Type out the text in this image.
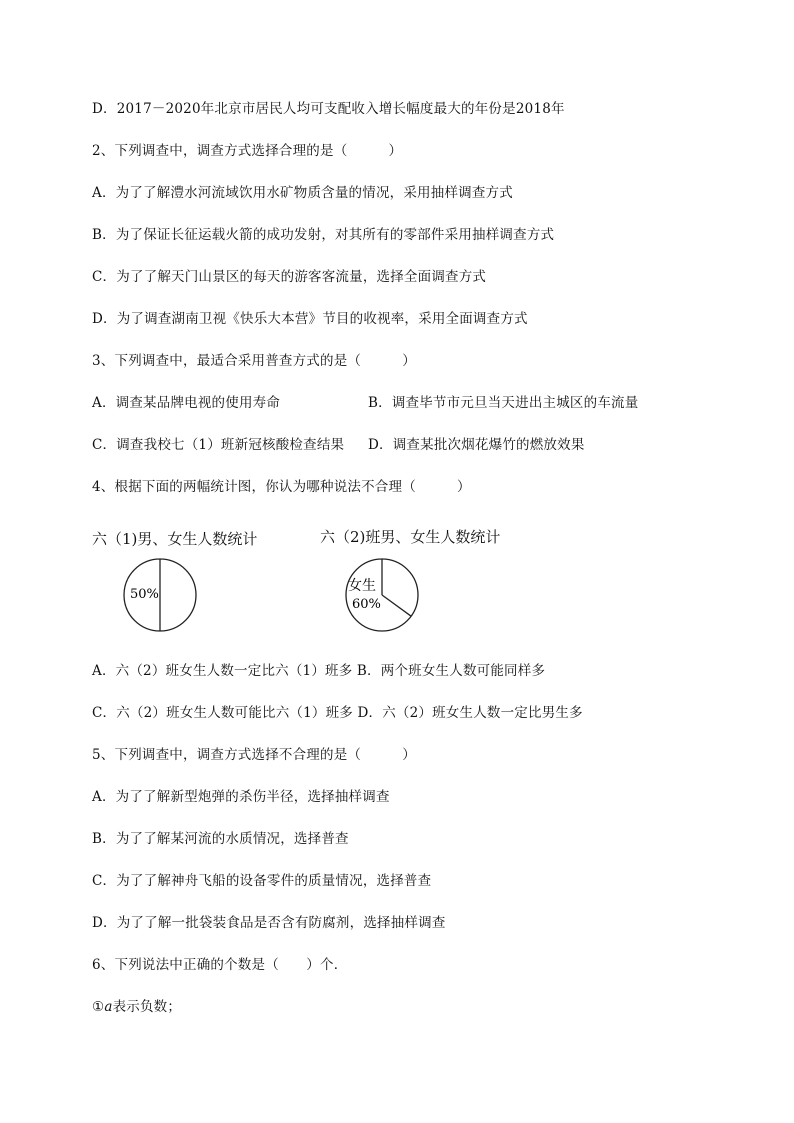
D．2017－2020年北京市居民人均可支配收入增长幅度最大的年份是2018年
2、下列调查中，调查方式选择合理的是（　　　）
A．为了了解澧水河流域饮用水矿物质含量的情况，采用抽样调查方式
B．为了保证长征运载火箭的成功发射，对其所有的零部件采用抽样调查方式
C．为了了解天门山景区的每天的游客客流量，选择全面调查方式
D．为了调查湖南卫视《快乐大本营》节目的收视率，采用全面调查方式
3、下列调查中，最适合采用普查方式的是（　　　）
A．调查某品牌电视的使用寿命	B．调查毕节市元旦当天进出主城区的车流量
C．调查我校七（1）班新冠核酸检查结果 D．调查某批次烟花爆竹的燃放效果
4、根据下面的两幅统计图，你认为哪种说法不合理（　　　）
六（1)男、女生人数统计
50%
六（2)班男、女生人数统计
女生
60%
A．六（2）班女生人数一定比六（1）班多 B．两个班女生人数可能同样多
C．六（2）班女生人数可能比六（1）班多 D．六（2）班女生人数一定比男生多
5、下列调查中，调查方式选择不合理的是（　　　）
A．为了了解新型炮弹的杀伤半径，选择抽样调查
B．为了了解某河流的水质情况，选择普查
C．为了了解神舟飞船的设备零件的质量情况，选择普查
D．为了了解一批袋装食品是否含有防腐剂，选择抽样调查
6、下列说法中正确的个数是（　　）个．
①a表示负数；
